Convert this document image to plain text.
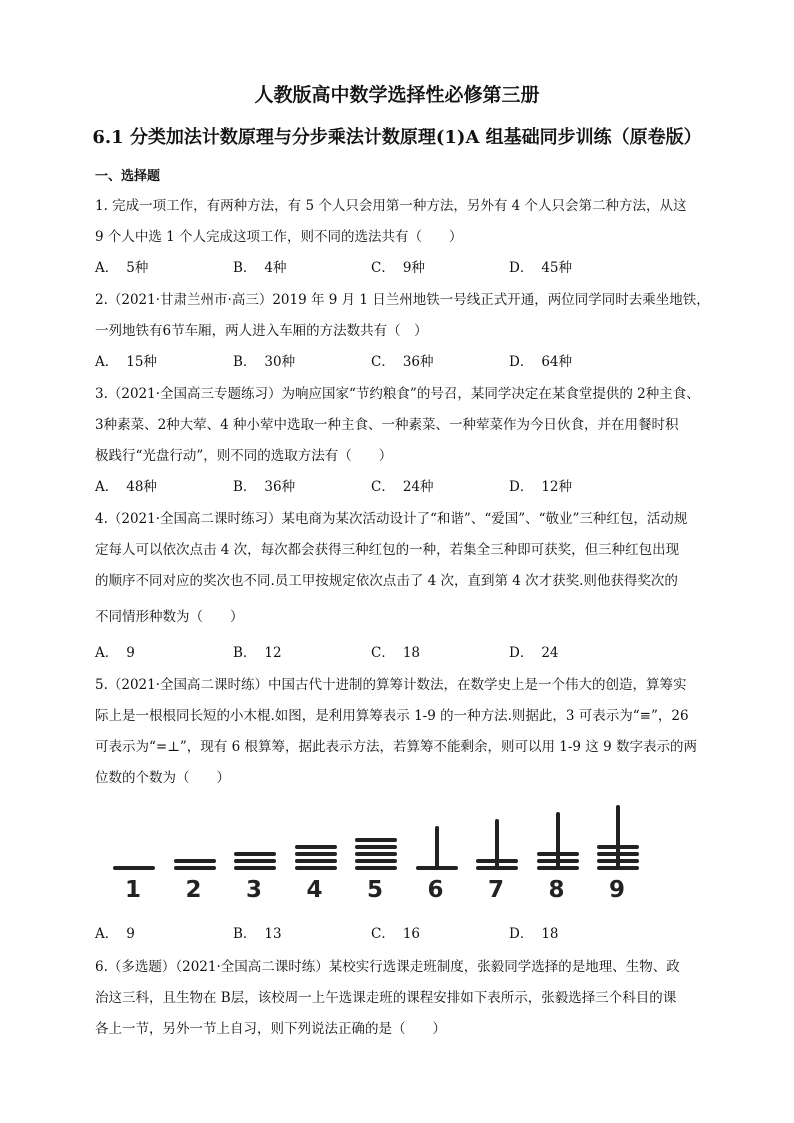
人教版高中数学选择性必修第三册
6.1 分类加法计数原理与分步乘法计数原理(1)A 组基础同步训练（原卷版）
一、选择题
1. 完成一项工作，有两种方法，有 5 个人只会用第一种方法，另外有 4 个人只会第二种方法，从这
9 个人中选 1 个人完成这项工作，则不同的选法共有（　　）
A． 5种	B． 4种	C． 9种	D． 45种
2.（2021·甘肃兰州市·高三）2019 年 9 月 1 日兰州地铁一号线正式开通，两位同学同时去乘坐地铁，
一列地铁有6节车厢，两人进入车厢的方法数共有（　）
A． 15种	B． 30种	C． 36种	D． 64种
3.（2021·全国高三专题练习）为响应国家“节约粮食”的号召，某同学决定在某食堂提供的 2种主食、
3种素菜、2种大荤、4 种小荤中选取一种主食、一种素菜、一种荤菜作为今日伙食，并在用餐时积
极践行“光盘行动”，则不同的选取方法有（　　）
A． 48种	B． 36种	C． 24种	D． 12种
4.（2021·全国高二课时练习）某电商为某次活动设计了“和谐”、“爱国”、“敬业”三种红包，活动规
定每人可以依次点击 4 次，每次都会获得三种红包的一种，若集全三种即可获奖，但三种红包出现
的顺序不同对应的奖次也不同.员工甲按规定依次点击了 4 次，直到第 4 次才获奖.则他获得奖次的
不同情形种数为（　　）
A． 9	B． 12	C． 18	D． 24
5.（2021·全国高二课时练）中国古代十进制的算筹计数法，在数学史上是一个伟大的创造，算筹实
际上是一根根同长短的小木棍.如图，是利用算筹表示 1-9 的一种方法.则据此，3 可表示为“≡”，26
可表示为“=⊥”，现有 6 根算筹，据此表示方法，若算筹不能剩余，则可以用 1-9 这 9 数字表示的两
位数的个数为（　　）
1 2 3 4 5 6 7 8 9
A． 9	B． 13	C． 16	D． 18
6.（多选题）（2021·全国高二课时练）某校实行选课走班制度，张毅同学选择的是地理、生物、政
治这三科，且生物在 B层，该校周一上午选课走班的课程安排如下表所示，张毅选择三个科目的课
各上一节，另外一节上自习，则下列说法正确的是（　　）
